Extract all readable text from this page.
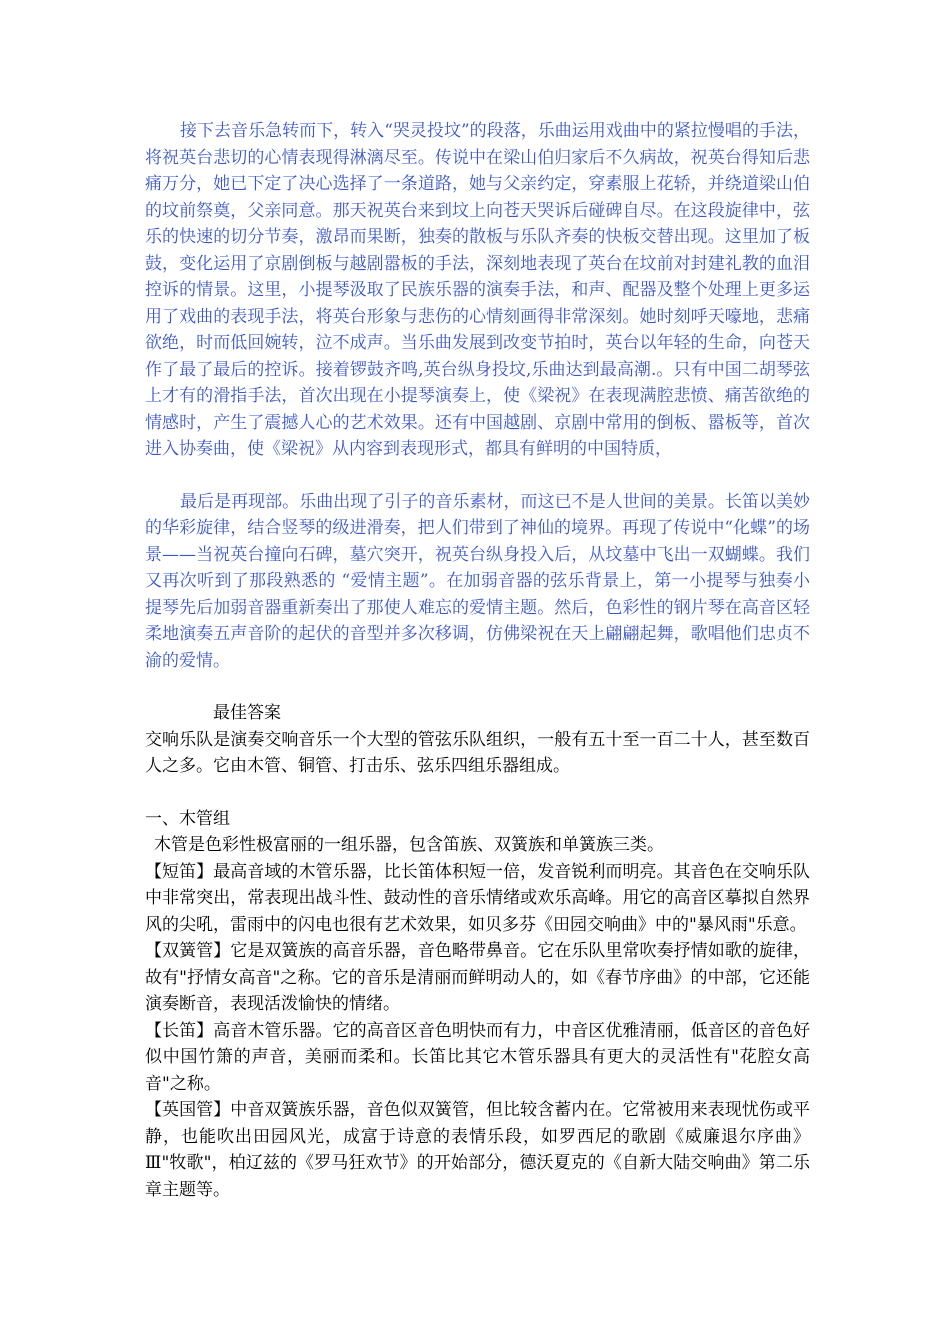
接下去音乐急转而下，转入“哭灵投坟”的段落，乐曲运用戏曲中的紧拉慢唱的手法，将祝英台悲切的心情表现得淋漓尽至。传说中在梁山伯归家后不久病故，祝英台得知后悲痛万分，她已下定了决心选择了一条道路，她与父亲约定，穿素服上花轿，并绕道梁山伯的坟前祭奠，父亲同意。那天祝英台来到坟上向苍天哭诉后碰碑自尽。在这段旋律中，弦乐的快速的切分节奏，激昂而果断，独奏的散板与乐队齐奏的快板交替出现。这里加了板鼓，变化运用了京剧倒板与越剧嚣板的手法，深刻地表现了英台在坟前对封建礼教的血泪控诉的情景。这里，小提琴汲取了民族乐器的演奏手法，和声、配器及整个处理上更多运用了戏曲的表现手法，将英台形象与悲伤的心情刻画得非常深刻。她时刻呼天嚎地，悲痛欲绝，时而低回婉转，泣不成声。当乐曲发展到改变节拍时，英台以年轻的生命，向苍天作了最了最后的控诉。接着锣鼓齐鸣,英台纵身投坟,乐曲达到最高潮.。只有中国二胡琴弦上才有的滑指手法，首次出现在小提琴演奏上，使《梁祝》在表现满腔悲愤、痛苦欲绝的情感时，产生了震撼人心的艺术效果。还有中国越剧、京剧中常用的倒板、嚣板等，首次进入协奏曲，使《梁祝》从内容到表现形式，都具有鲜明的中国特质，

最后是再现部。乐曲出现了引子的音乐素材，而这已不是人世间的美景。长笛以美妙的华彩旋律，结合竖琴的级进滑奏，把人们带到了神仙的境界。再现了传说中“化蝶”的场景——当祝英台撞向石碑，墓穴突开，祝英台纵身投入后，从坟墓中飞出一双蝴蝶。我们又再次听到了那段熟悉的 “爱情主题”。在加弱音器的弦乐背景上，第一小提琴与独奏小提琴先后加弱音器重新奏出了那使人难忘的爱情主题。然后，色彩性的钢片琴在高音区轻柔地演奏五声音阶的起伏的音型并多次移调，仿佛梁祝在天上翩翩起舞，歌唱他们忠贞不渝的爱情。

最佳答案

交响乐队是演奏交响音乐一个大型的管弦乐队组织，一般有五十至一百二十人，甚至数百人之多。它由木管、铜管、打击乐、弦乐四组乐器组成。

一、木管组

木管是色彩性极富丽的一组乐器，包含笛族、双簧族和单簧族三类。

【短笛】最高音域的木管乐器，比长笛体积短一倍，发音锐利而明亮。其音色在交响乐队中非常突出，常表现出战斗性、鼓动性的音乐情绪或欢乐高峰。用它的高音区摹拟自然界风的尖吼，雷雨中的闪电也很有艺术效果，如贝多芬《田园交响曲》中的"暴风雨"乐意。

【双簧管】它是双簧族的高音乐器，音色略带鼻音。它在乐队里常吹奏抒情如歌的旋律，故有"抒情女高音"之称。它的音乐是清丽而鲜明动人的，如《春节序曲》的中部，它还能演奏断音，表现活泼愉快的情绪。

【长笛】高音木管乐器。它的高音区音色明快而有力，中音区优雅清丽，低音区的音色好似中国竹箫的声音，美丽而柔和。长笛比其它木管乐器具有更大的灵活性有"花腔女高音"之称。

【英国管】中音双簧族乐器，音色似双簧管，但比较含蓄内在。它常被用来表现忧伤或平静，也能吹出田园风光，成富于诗意的表情乐段，如罗西尼的歌剧《威廉退尔序曲》Ⅲ"牧歌"，柏辽兹的《罗马狂欢节》的开始部分，德沃夏克的《自新大陆交响曲》第二乐章主题等。
